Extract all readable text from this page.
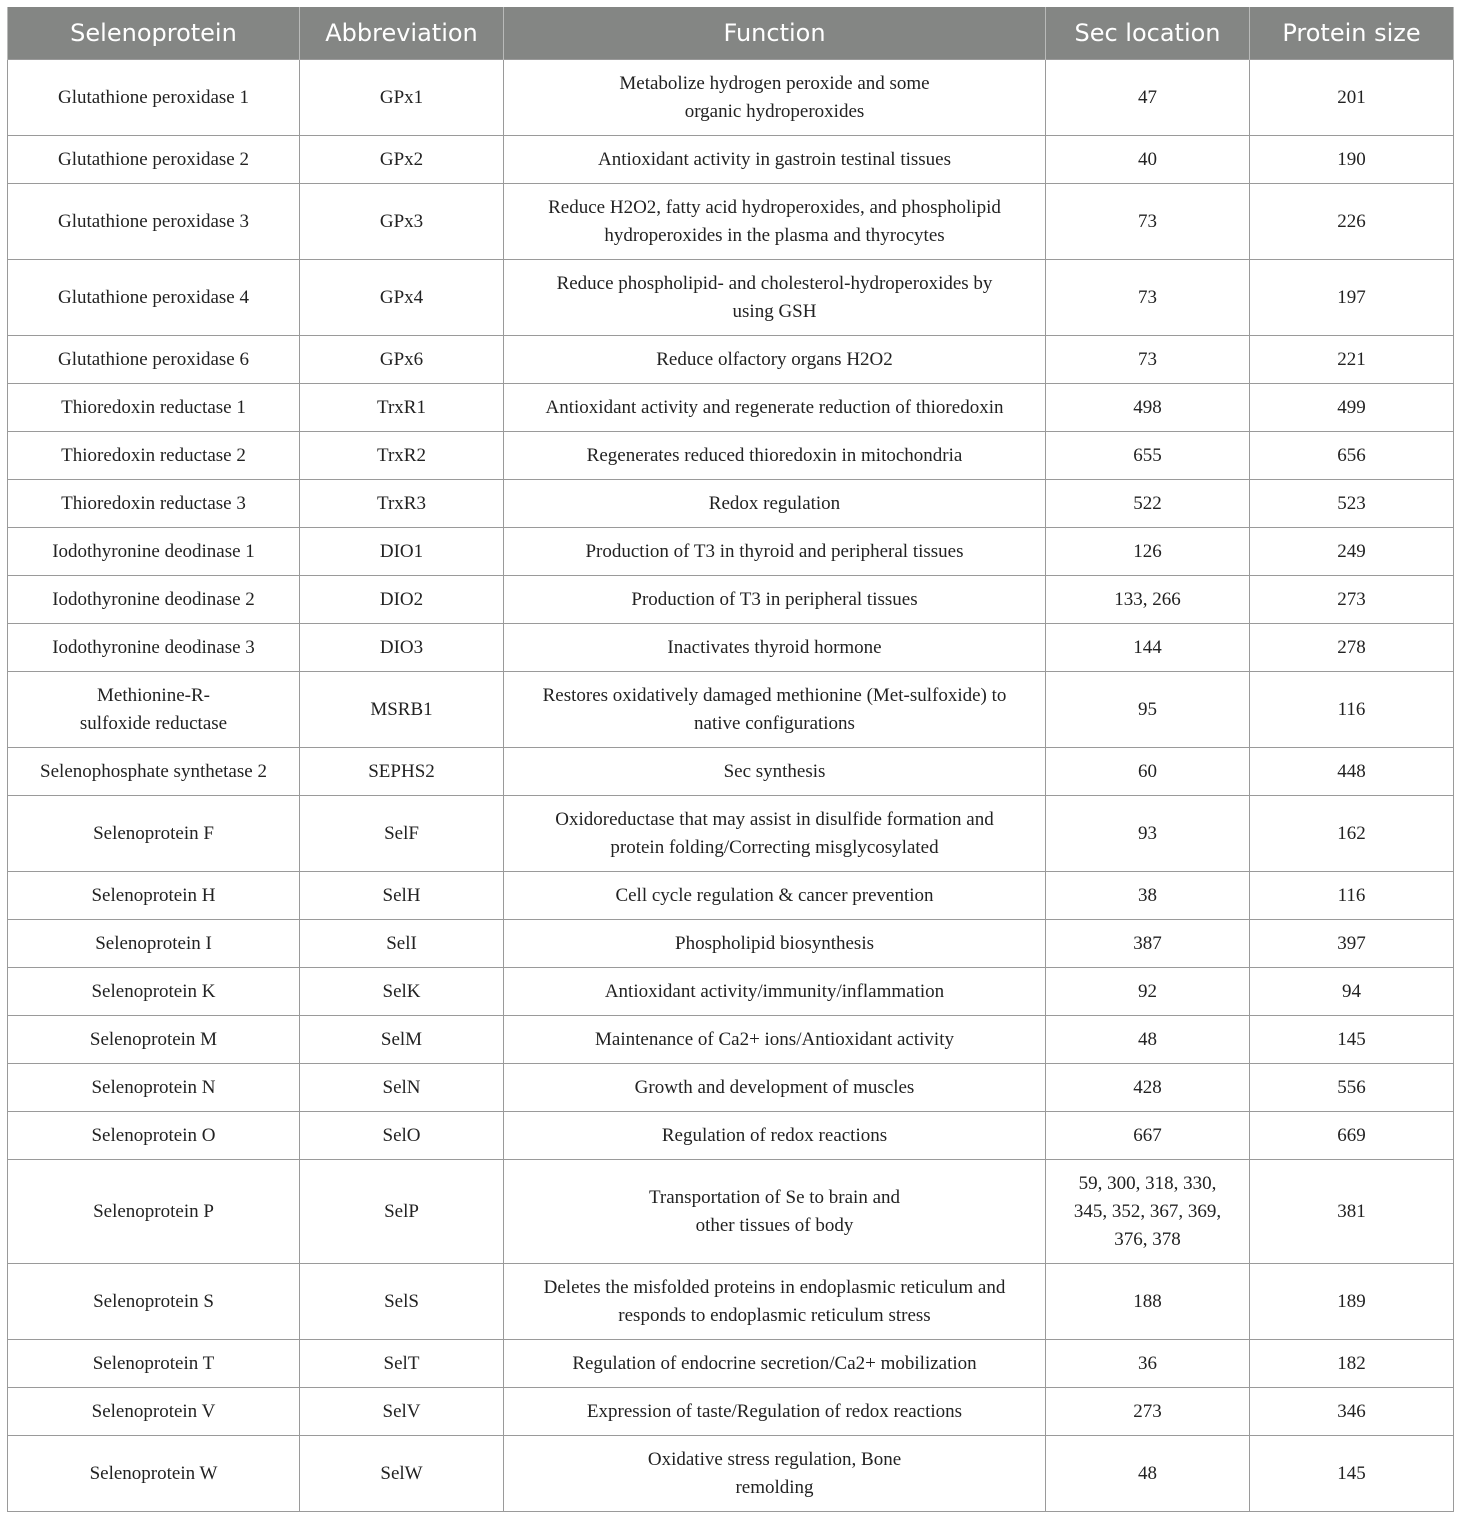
Selenoprotein	Abbreviation	Function	Sec location	Protein size
Glutathione peroxidase 1	GPx1	Metabolize hydrogen peroxide and some
organic hydroperoxides	47	201
Glutathione peroxidase 2	GPx2	Antioxidant activity in gastroin testinal tissues	40	190
Glutathione peroxidase 3	GPx3	Reduce H2O2, fatty acid hydroperoxides, and phospholipid
hydroperoxides in the plasma and thyrocytes	73	226
Glutathione peroxidase 4	GPx4	Reduce phospholipid- and cholesterol-hydroperoxides by
using GSH	73	197
Glutathione peroxidase 6	GPx6	Reduce olfactory organs H2O2	73	221
Thioredoxin reductase 1	TrxR1	Antioxidant activity and regenerate reduction of thioredoxin	498	499
Thioredoxin reductase 2	TrxR2	Regenerates reduced thioredoxin in mitochondria	655	656
Thioredoxin reductase 3	TrxR3	Redox regulation	522	523
Iodothyronine deodinase 1	DIO1	Production of T3 in thyroid and peripheral tissues	126	249
Iodothyronine deodinase 2	DIO2	Production of T3 in peripheral tissues	133, 266	273
Iodothyronine deodinase 3	DIO3	Inactivates thyroid hormone	144	278
Methionine-R-
sulfoxide reductase	MSRB1	Restores oxidatively damaged methionine (Met-sulfoxide) to
native configurations	95	116
Selenophosphate synthetase 2	SEPHS2	Sec synthesis	60	448
Selenoprotein F	SelF	Oxidoreductase that may assist in disulfide formation and
protein folding/Correcting misglycosylated	93	162
Selenoprotein H	SelH	Cell cycle regulation & cancer prevention	38	116
Selenoprotein I	SelI	Phospholipid biosynthesis	387	397
Selenoprotein K	SelK	Antioxidant activity/immunity/inflammation	92	94
Selenoprotein M	SelM	Maintenance of Ca2+ ions/Antioxidant activity	48	145
Selenoprotein N	SelN	Growth and development of muscles	428	556
Selenoprotein O	SelO	Regulation of redox reactions	667	669
Selenoprotein P	SelP	Transportation of Se to brain and
other tissues of body	59, 300, 318, 330,
345, 352, 367, 369,
376, 378	381
Selenoprotein S	SelS	Deletes the misfolded proteins in endoplasmic reticulum and
responds to endoplasmic reticulum stress	188	189
Selenoprotein T	SelT	Regulation of endocrine secretion/Ca2+ mobilization	36	182
Selenoprotein V	SelV	Expression of taste/Regulation of redox reactions	273	346
Selenoprotein W	SelW	Oxidative stress regulation, Bone
remolding	48	145
